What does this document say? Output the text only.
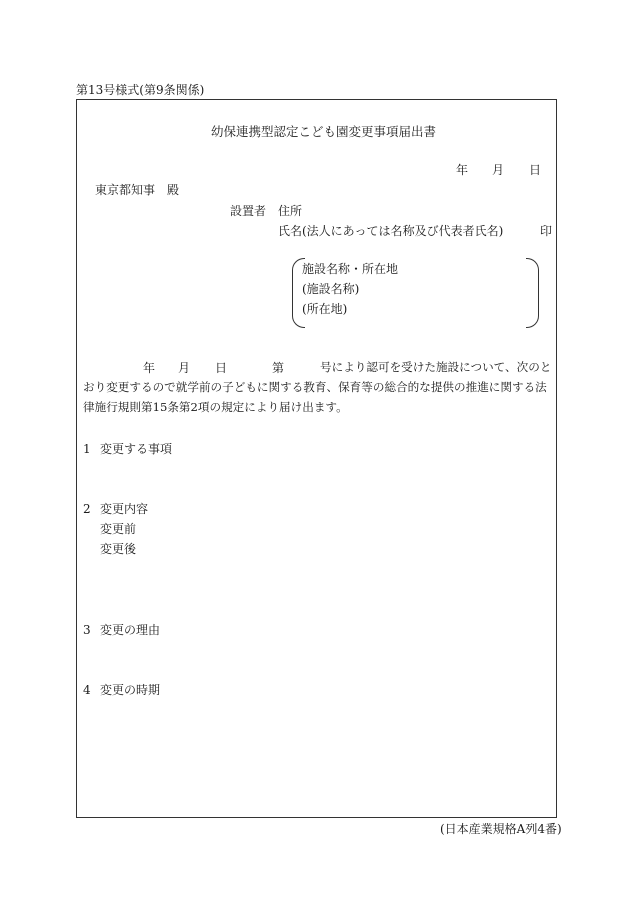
第13号様式(第9条関係)
幼保連携型認定こども園変更事項届出書
年 月 日
東京都知事　殿
設置者 住所
氏名(法人にあっては名称及び代表者氏名)	印
施設名称・所在地
(施設名称)
(所在地)
年 月 日	第	号により認可を受けた施設について、次のと
おり変更するので就学前の子どもに関する教育、保育等の総合的な提供の推進に関する法
律施行規則第15条第2項の規定により届け出ます。
1 変更する事項
2 変更内容
変更前
変更後
3 変更の理由
4 変更の時期
(日本産業規格A列4番)
